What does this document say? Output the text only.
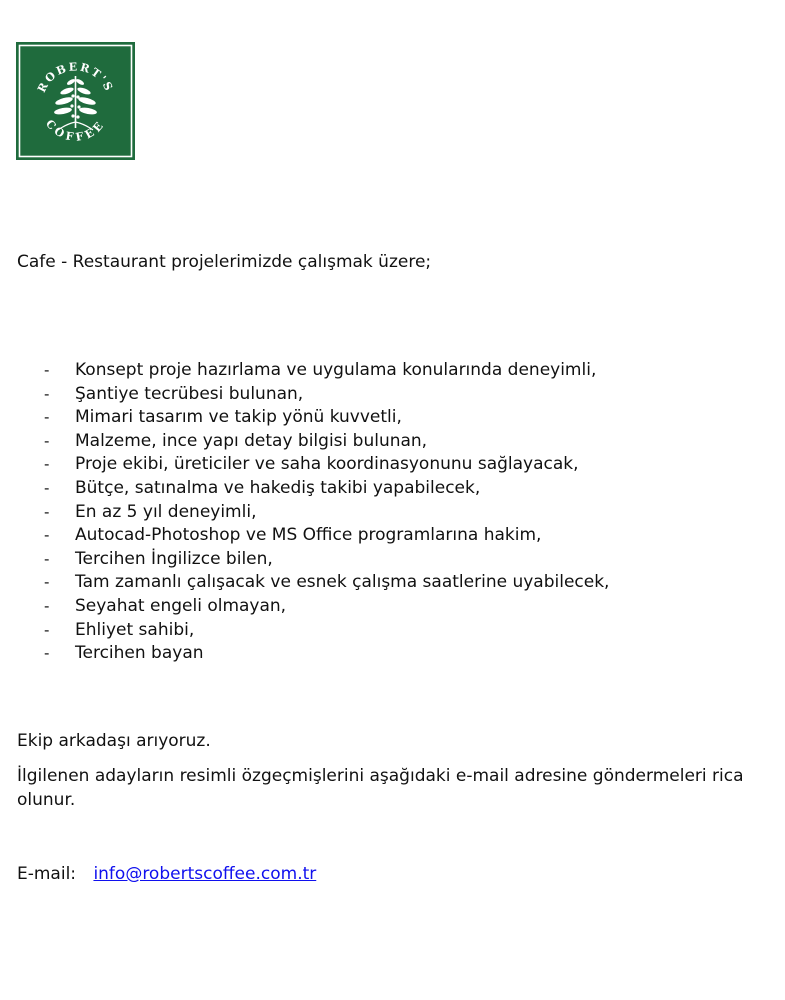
ROBERT'S
COFFEE

Cafe - Restaurant projelerimizde çalışmak üzere;

- Konsept proje hazırlama ve uygulama konularında deneyimli,
- Şantiye tecrübesi bulunan,
- Mimari tasarım ve takip yönü kuvvetli,
- Malzeme, ince yapı detay bilgisi bulunan,
- Proje ekibi, üreticiler ve saha koordinasyonunu sağlayacak,
- Bütçe, satınalma ve hakediş takibi yapabilecek,
- En az 5 yıl deneyimli,
- Autocad-Photoshop ve MS Office programlarına hakim,
- Tercihen İngilizce bilen,
- Tam zamanlı çalışacak ve esnek çalışma saatlerine uyabilecek,
- Seyahat engeli olmayan,
- Ehliyet sahibi,
- Tercihen bayan

Ekip arkadaşı arıyoruz.

İlgilenen adayların resimli özgeçmişlerini aşağıdaki e-mail adresine göndermeleri rica olunur.

E-mail: info@robertscoffee.com.tr
